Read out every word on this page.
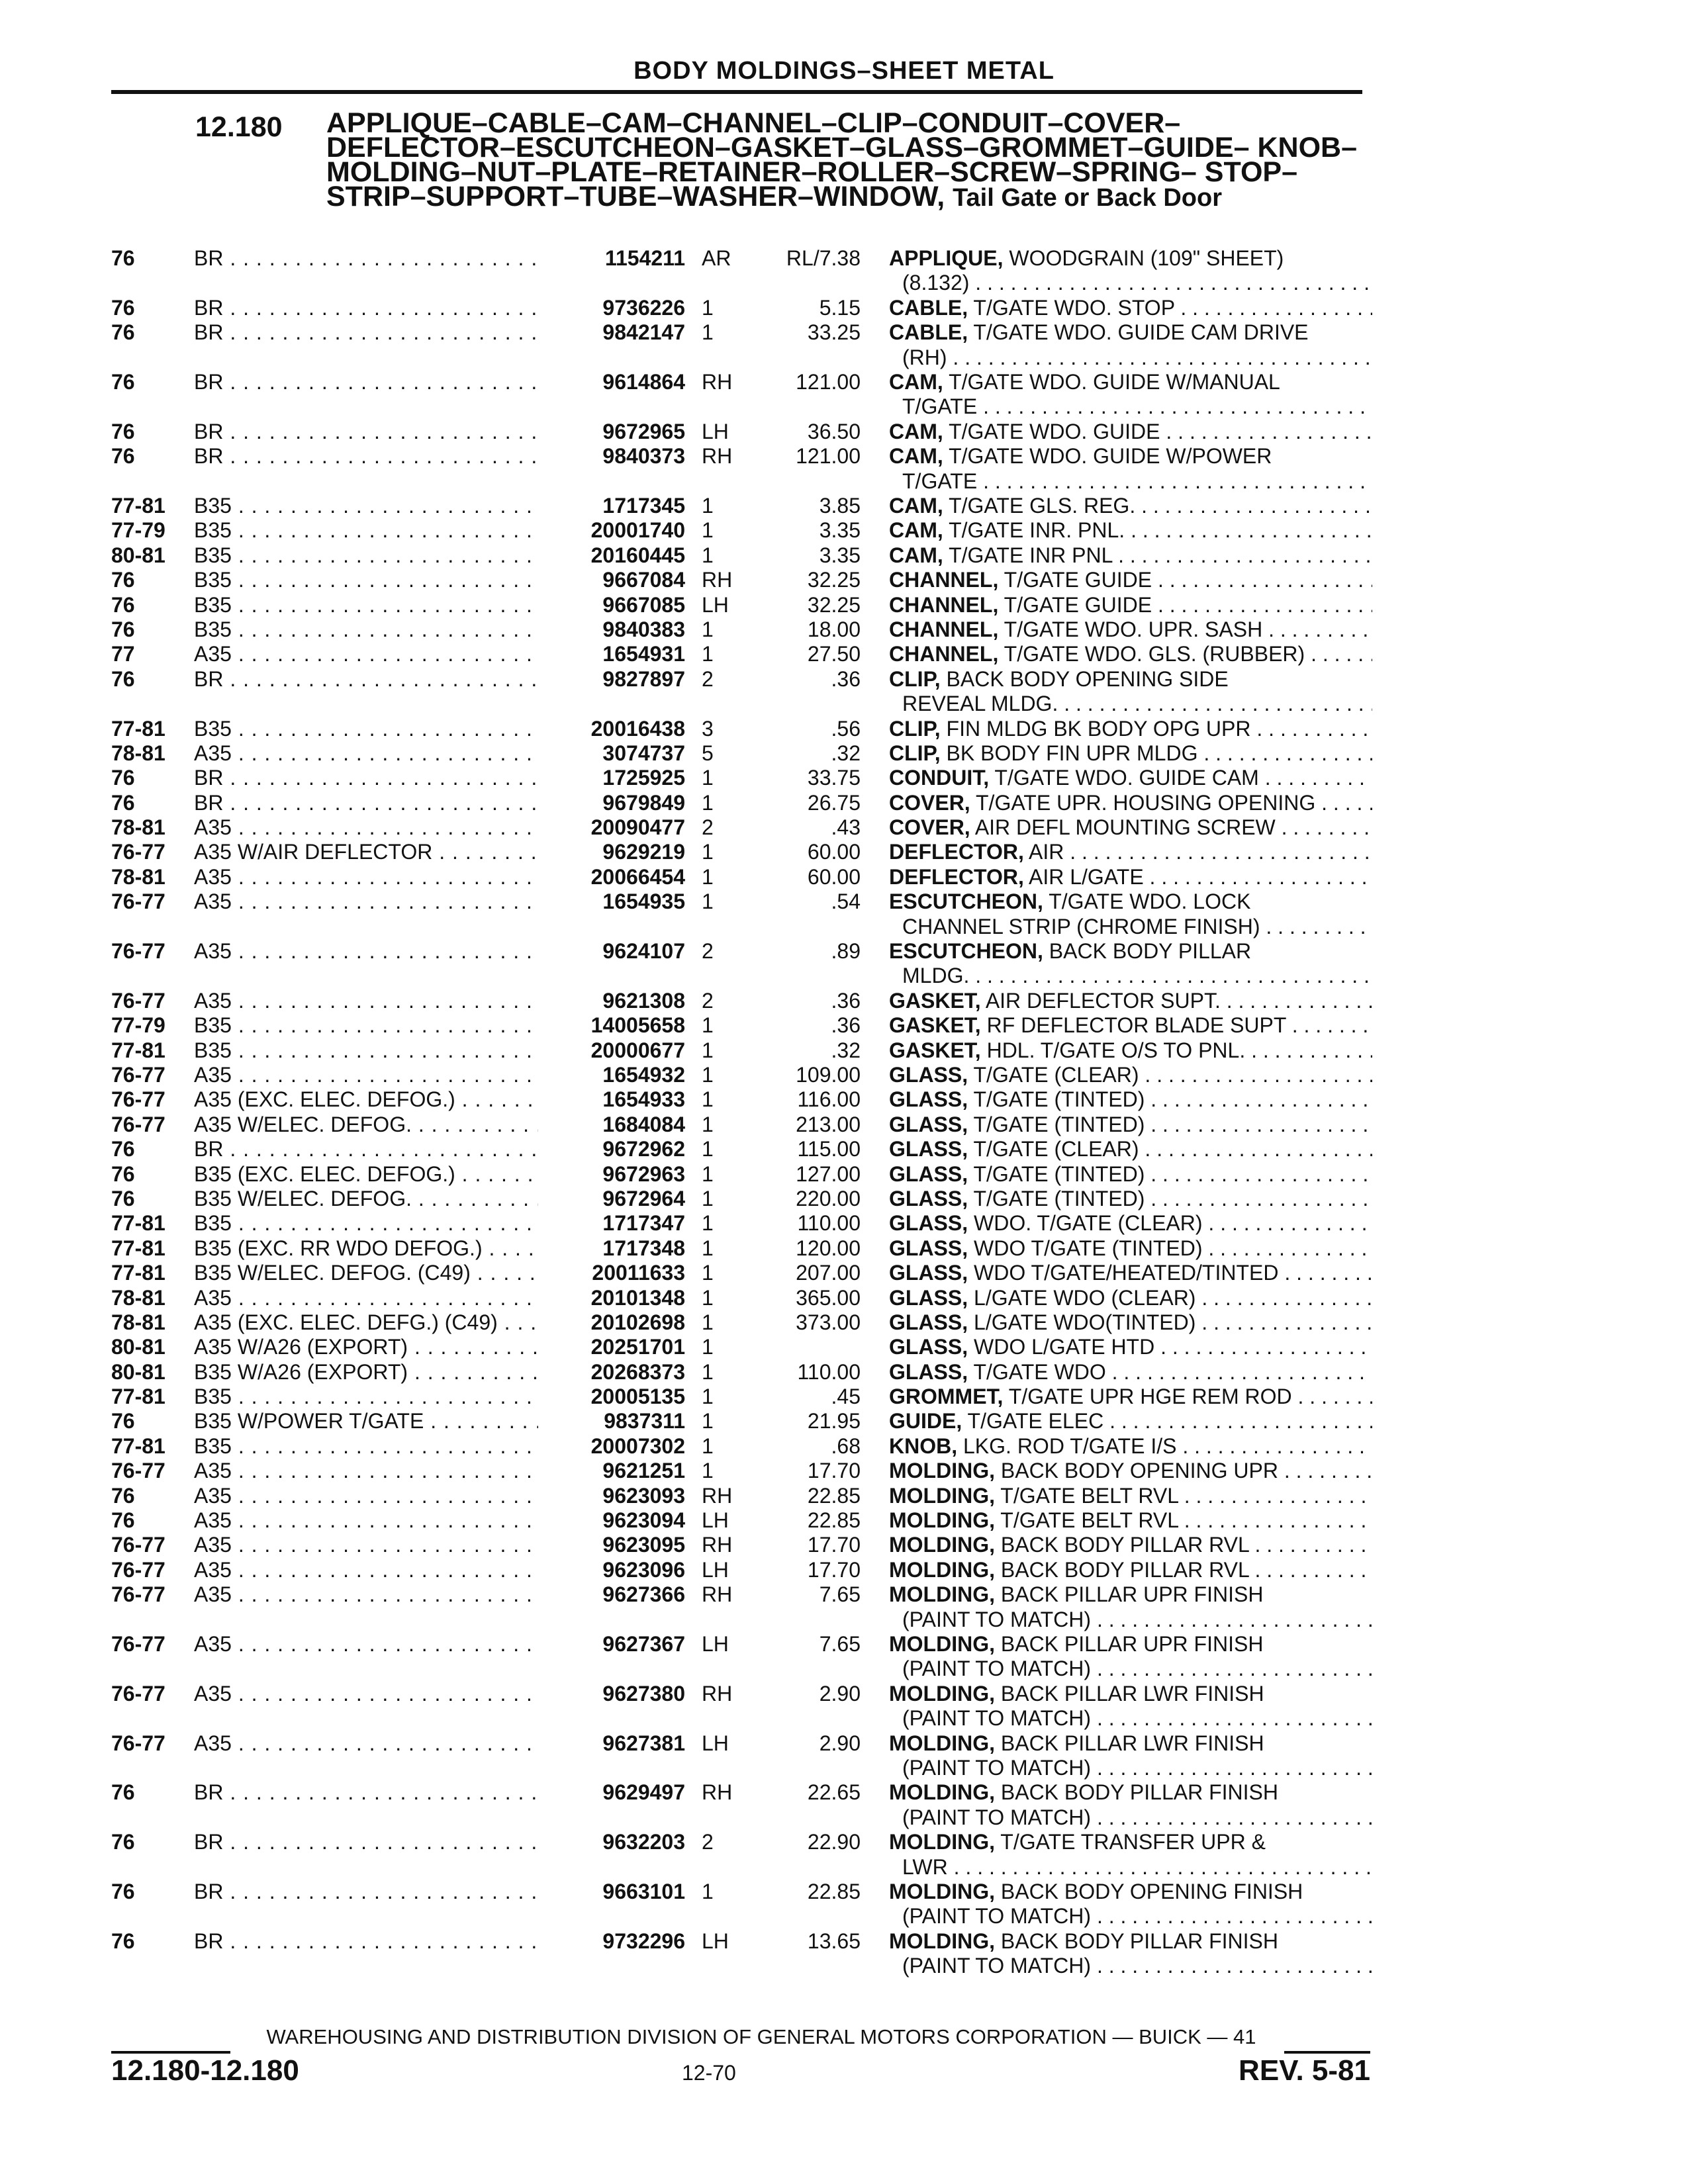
BODY MOLDINGS–SHEET METAL
12.180 APPLIQUE–CABLE–CAM–CHANNEL–CLIP–CONDUIT–COVER– DEFLECTOR–ESCUTCHEON–GASKET–GLASS–GROMMET–GUIDE– KNOB–MOLDING–NUT–PLATE–RETAINER–ROLLER–SCREW–SPRING– STOP–STRIP–SUPPORT–TUBE–WASHER–WINDOW, Tail Gate or Back Door
76	BR . . .	1154211 AR	RL/7.38 APPLIQUE, WOODGRAIN (109" SHEET)
(8.132) . . .
76	BR . . .	9736226 1	5.15 CABLE, T/GATE WDO. STOP . . .
76	BR . . .	9842147 1	33.25 CABLE, T/GATE WDO. GUIDE CAM DRIVE
(RH) . . .
76	BR . . .	9614864 RH	121.00 CAM, T/GATE WDO. GUIDE W/MANUAL
T/GATE . . .
76	BR . . .	9672965 LH	36.50 CAM, T/GATE WDO. GUIDE . . .
76	BR . . .	9840373 RH	121.00 CAM, T/GATE WDO. GUIDE W/POWER
T/GATE . . .
77-81 B35 . . .	1717345 1	3.85 CAM, T/GATE GLS. REG. . . .
77-79 B35 . . .	20001740 1	3.35 CAM, T/GATE INR. PNL. . . .
80-81 B35 . . .	20160445 1	3.35 CAM, T/GATE INR PNL . . .
76	B35 . . .	9667084 RH	32.25 CHANNEL, T/GATE GUIDE . . .
76	B35 . . .	9667085 LH	32.25 CHANNEL, T/GATE GUIDE . . .
76	B35 . . .	9840383 1	18.00 CHANNEL, T/GATE WDO. UPR. SASH . . .
77	A35 . . .	1654931 1	27.50 CHANNEL, T/GATE WDO. GLS. (RUBBER) . . .
76	BR . . .	9827897 2	.36 CLIP, BACK BODY OPENING SIDE
REVEAL MLDG. . . .
77-81 B35 . . .	20016438 3	.56 CLIP, FIN MLDG BK BODY OPG UPR . . .
78-81 A35 . . .	3074737 5	.32 CLIP, BK BODY FIN UPR MLDG . . .
76	BR . . .	1725925 1	33.75 CONDUIT, T/GATE WDO. GUIDE CAM . . .
76	BR . . .	9679849 1	26.75 COVER, T/GATE UPR. HOUSING OPENING . . .
78-81 A35 . . .	20090477 2	.43 COVER, AIR DEFL MOUNTING SCREW . . .
76-77 A35 W/AIR DEFLECTOR . . .	9629219 1	60.00 DEFLECTOR, AIR . . .
78-81 A35 . . .	20066454 1	60.00 DEFLECTOR, AIR L/GATE . . .
76-77 A35 . . .	1654935 1	.54 ESCUTCHEON, T/GATE WDO. LOCK
CHANNEL STRIP (CHROME FINISH) . . .
76-77 A35 . . .	9624107 2	.89 ESCUTCHEON, BACK BODY PILLAR
MLDG. . . .
76-77 A35 . . .	9621308 2	.36 GASKET, AIR DEFLECTOR SUPT. . . .
77-79 B35 . . .	14005658 1	.36 GASKET, RF DEFLECTOR BLADE SUPT . . .
77-81 B35 . . .	20000677 1	.32 GASKET, HDL. T/GATE O/S TO PNL. . . .
76-77 A35 . . .	1654932 1	109.00 GLASS, T/GATE (CLEAR) . . .
76-77 A35 (EXC. ELEC. DEFOG.) . . .	1654933 1	116.00 GLASS, T/GATE (TINTED) . . .
76-77 A35 W/ELEC. DEFOG. . . .	1684084 1	213.00 GLASS, T/GATE (TINTED) . . .
76	BR . . .	9672962 1	115.00 GLASS, T/GATE (CLEAR) . . .
76	B35 (EXC. ELEC. DEFOG.) . . .	9672963 1	127.00 GLASS, T/GATE (TINTED) . . .
76	B35 W/ELEC. DEFOG. . . .	9672964 1	220.00 GLASS, T/GATE (TINTED) . . .
77-81 B35 . . .	1717347 1	110.00 GLASS, WDO. T/GATE (CLEAR) . . .
77-81 B35 (EXC. RR WDO DEFOG.) . . .	1717348 1	120.00 GLASS, WDO T/GATE (TINTED) . . .
77-81 B35 W/ELEC. DEFOG. (C49) . . .	20011633 1	207.00 GLASS, WDO T/GATE/HEATED/TINTED . . .
78-81 A35 . . .	20101348 1	365.00 GLASS, L/GATE WDO (CLEAR) . . .
78-81 A35 (EXC. ELEC. DEFG.) (C49) . . .	20102698 1	373.00 GLASS, L/GATE WDO(TINTED) . . .
80-81 A35 W/A26 (EXPORT) . . .	20251701 1	GLASS, WDO L/GATE HTD . . .
80-81 B35 W/A26 (EXPORT) . . .	20268373 1	110.00 GLASS, T/GATE WDO . . .
77-81 B35 . . .	20005135 1	.45 GROMMET, T/GATE UPR HGE REM ROD . . .
76	B35 W/POWER T/GATE . . .	9837311 1	21.95 GUIDE, T/GATE ELEC . . .
77-81 B35 . . .	20007302 1	.68 KNOB, LKG. ROD T/GATE I/S . . .
76-77 A35 . . .	9621251 1	17.70 MOLDING, BACK BODY OPENING UPR . . .
76	A35 . . .	9623093 RH	22.85 MOLDING, T/GATE BELT RVL . . .
76	A35 . . .	9623094 LH	22.85 MOLDING, T/GATE BELT RVL . . .
76-77 A35 . . .	9623095 RH	17.70 MOLDING, BACK BODY PILLAR RVL . . .
76-77 A35 . . .	9623096 LH	17.70 MOLDING, BACK BODY PILLAR RVL . . .
76-77 A35 . . .	9627366 RH	7.65 MOLDING, BACK PILLAR UPR FINISH
(PAINT TO MATCH) . . .
76-77 A35 . . .	9627367 LH	7.65 MOLDING, BACK PILLAR UPR FINISH
(PAINT TO MATCH) . . .
76-77 A35 . . .	9627380 RH	2.90 MOLDING, BACK PILLAR LWR FINISH
(PAINT TO MATCH) . . .
76-77 A35 . . .	9627381 LH	2.90 MOLDING, BACK PILLAR LWR FINISH
(PAINT TO MATCH) . . .
76	BR . . .	9629497 RH	22.65 MOLDING, BACK BODY PILLAR FINISH
(PAINT TO MATCH) . . .
76	BR . . .	9632203 2	22.90 MOLDING, T/GATE TRANSFER UPR &
LWR . . .
76	BR . . .	9663101 1	22.85 MOLDING, BACK BODY OPENING FINISH
(PAINT TO MATCH) . . .
76	BR . . .	9732296 LH	13.65 MOLDING, BACK BODY PILLAR FINISH
(PAINT TO MATCH) . . .
WAREHOUSING AND DISTRIBUTION DIVISION OF GENERAL MOTORS CORPORATION — BUICK — 41
12.180-12.180	12-70	REV. 5-81
